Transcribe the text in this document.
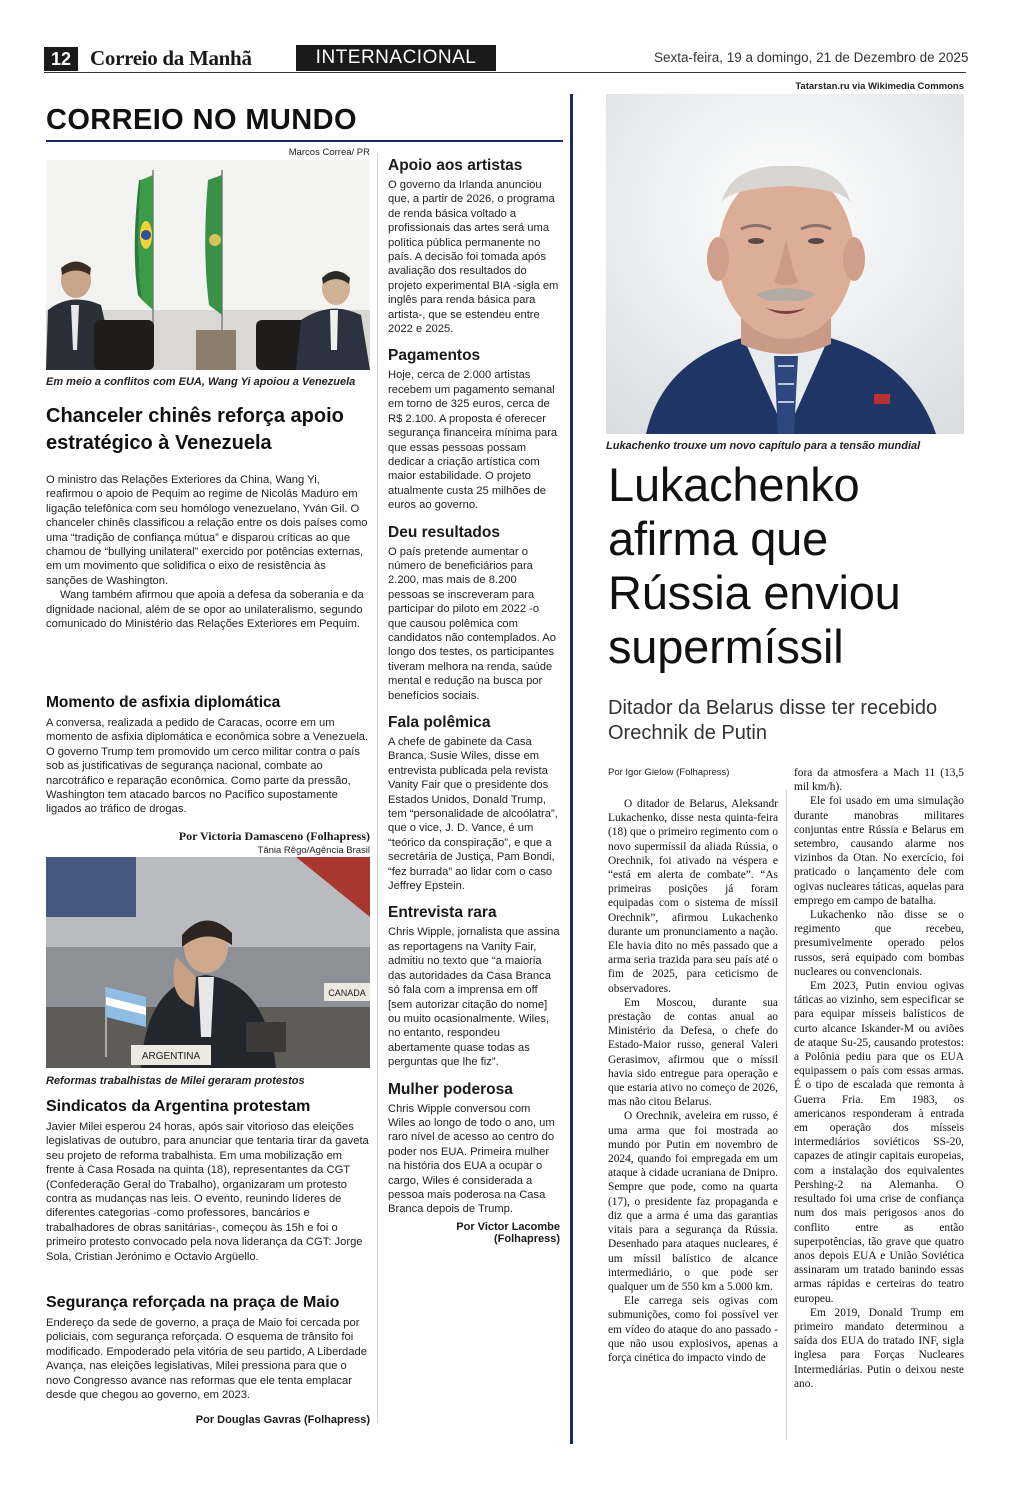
12 Correio da Manhã	INTERNACIONAL	Sexta-feira, 19 a domingo, 21 de Dezembro de 2025
CORREIO NO MUNDO
Marcos Correa/ PR
Em meio a conflitos com EUA, Wang Yi apoiou a Venezuela
Chanceler chinês reforça apoio estratégico à Venezuela

O ministro das Relações Exteriores da China, Wang Yi, reafirmou o apoio de Pequim ao regime de Nicolás Maduro em ligação telefônica com seu homólogo venezuelano, Yván Gil. O chanceler chinês classificou a relação entre os dois países como uma “tradição de confiança mútua” e disparou críticas ao que chamou de “bullying unilateral” exercido por potências externas, em um movimento que solidifica o eixo de resistência às sanções de Washington.

Wang também afirmou que apoia a defesa da soberania e da dignidade nacional, além de se opor ao unilateralismo, segundo comunicado do Ministério das Relações Exteriores em Pequim.

Momento de asfixia diplomática
A conversa, realizada a pedido de Caracas, ocorre em um momento de asfixia diplomática e econômica sobre a Venezuela. O governo Trump tem promovido um cerco militar contra o país sob as justificativas de segurança nacional, combate ao narcotráfico e reparação econômica. Como parte da pressão, Washington tem atacado barcos no Pacífico supostamente ligados ao tráfico de drogas.
Por Victoria Damasceno (Folhapress)
Tânia Rêgo/Agência Brasil
ARGENTINA
CANADA
Reformas trabalhistas de Milei geraram protestos
Sindicatos da Argentina protestam
Javier Milei esperou 24 horas, após sair vitorioso das eleições legislativas de outubro, para anunciar que tentaria tirar da gaveta seu projeto de reforma trabalhista. Em uma mobilização em frente à Casa Rosada na quinta (18), representantes da CGT (Confederação Geral do Trabalho), organizaram um protesto contra as mudanças nas leis. O evento, reunindo líderes de diferentes categorias -como professores, bancários e trabalhadores de obras sanitárias-, começou às 15h e foi o primeiro protesto convocado pela nova liderança da CGT: Jorge Sola, Cristian Jerónimo e Octavio Argüello.
Segurança reforçada na praça de Maio
Endereço da sede de governo, a praça de Maio foi cercada por policiais, com segurança reforçada. O esquema de trânsito foi modificado. Empoderado pela vitória de seu partido, A Liberdade Avança, nas eleições legislativas, Milei pressiona para que o novo Congresso avance nas reformas que ele tenta emplacar desde que chegou ao governo, em 2023.
Por Douglas Gavras (Folhapress)
Apoio aos artistas
O governo da Irlanda anunciou que, a partir de 2026, o programa de renda básica voltado a profissionais das artes será uma política pública permanente no país. A decisão foi tomada após avaliação dos resultados do projeto experimental BIA -sigla em inglês para renda básica para artista-, que se estendeu entre 2022 e 2025.
Pagamentos
Hoje, cerca de 2.000 artistas recebem um pagamento semanal em torno de 325 euros, cerca de R$ 2.100. A proposta é oferecer segurança financeira mínima para que essas pessoas possam dedicar a criação artística com maior estabilidade. O projeto atualmente custa 25 milhões de euros ao governo.
Deu resultados
O país pretende aumentar o número de beneficiários para 2.200, mas mais de 8.200 pessoas se inscreveram para participar do piloto em 2022 -o que causou polêmica com candidatos não contemplados. Ao longo dos testes, os participantes tiveram melhora na renda, saúde mental e redução na busca por benefícios sociais.
Fala polêmica
A chefe de gabinete da Casa Branca, Susie Wiles, disse em entrevista publicada pela revista Vanity Fair que o presidente dos Estados Unidos, Donald Trump, tem “personalidade de alcoólatra”, que o vice, J. D. Vance, é um “teórico da conspiração”, e que a secretária de Justiça, Pam Bondi, “fez burrada” ao lidar com o caso Jeffrey Epstein.
Entrevista rara
Chris Wipple, jornalista que assina as reportagens na Vanity Fair, admitiu no texto que “a maioria das autoridades da Casa Branca só fala com a imprensa em off [sem autorizar citação do nome] ou muito ocasionalmente. Wiles, no entanto, respondeu abertamente quase todas as perguntas que lhe fiz”.
Mulher poderosa
Chris Wipple conversou com Wiles ao longo de todo o ano, um raro nível de acesso ao centro do poder nos EUA. Primeira mulher na história dos EUA a ocupar o cargo, Wiles é considerada a pessoa mais poderosa na Casa Branca depois de Trump.
Por Victor Lacombe
(Folhapress)
Tatarstan.ru via Wikimedia Commons
Lukachenko trouxe um novo capítulo para a tensão mundial
Lukachenko afirma que Rússia enviou supermíssil
Ditador da Belarus disse ter recebido Orechnik de Putin
Por Igor Gielow (Folhapress)

O ditador de Belarus, Aleksandr Lukachenko, disse nesta quinta-feira (18) que o primeiro regimento com o novo supermíssil da aliada Rússia, o Orechnik, foi ativado na véspera e “está em alerta de combate”. “As primeiras posições já foram equipadas com o sistema de míssil Orechnik”, afirmou Lukachenko durante um pronunciamento a nação. Ele havia dito no mês passado que a arma seria trazida para seu país até o fim de 2025, para ceticismo de observadores.

Em Moscou, durante sua prestação de contas anual ao Ministério da Defesa, o chefe do Estado-Maior russo, general Valeri Gerasimov, afirmou que o míssil havia sido entregue para operação e que estaria ativo no começo de 2026, mas não citou Belarus.

O Orechnik, aveleira em russo, é uma arma que foi mostrada ao mundo por Putin em novembro de 2024, quando foi empregada em um ataque à cidade ucraniana de Dnipro. Sempre que pode, como na quarta (17), o presidente faz propaganda e diz que a arma é uma das garantias vitais para a segurança da Rússia. Desenhado para ataques nucleares, é um míssil balístico de alcance intermediário, o que pode ser qualquer um de 550 km a 5.000 km.

Ele carrega seis ogivas com submunições, como foi possível ver em vídeo do ataque do ano passado -que não usou explosivos, apenas a força cinética do impacto vindo de

fora da atmosfera a Mach 11 (13,5 mil km/h).

Ele foi usado em uma simulação durante manobras militares conjuntas entre Rússia e Belarus em setembro, causando alarme nos vizinhos da Otan. No exercício, foi praticado o lançamento dele com ogivas nucleares táticas, aquelas para emprego em campo de batalha.

Lukachenko não disse se o regimento que recebeu, presumivelmente operado pelos russos, será equipado com bombas nucleares ou convencionais.

Em 2023, Putin enviou ogivas táticas ao vizinho, sem especificar se para equipar mísseis balísticos de curto alcance Iskander-M ou aviões de ataque Su-25, causando protestos: a Polônia pediu para que os EUA equipassem o país com essas armas. É o tipo de escalada que remonta à Guerra Fria. Em 1983, os americanos responderam à entrada em operação dos mísseis intermediários soviéticos SS-20, capazes de atingir capitais europeias, com a instalação dos equivalentes Pershing-2 na Alemanha. O resultado foi uma crise de confiança num dos mais perigosos anos do conflito entre as então superpotências, tão grave que quatro anos depois EUA e União Soviética assinaram um tratado banindo essas armas rápidas e certeiras do teatro europeu.

Em 2019, Donald Trump em primeiro mandato determinou a saída dos EUA do tratado INF, sigla inglesa para Forças Nucleares Intermediárias. Putin o deixou neste ano.
